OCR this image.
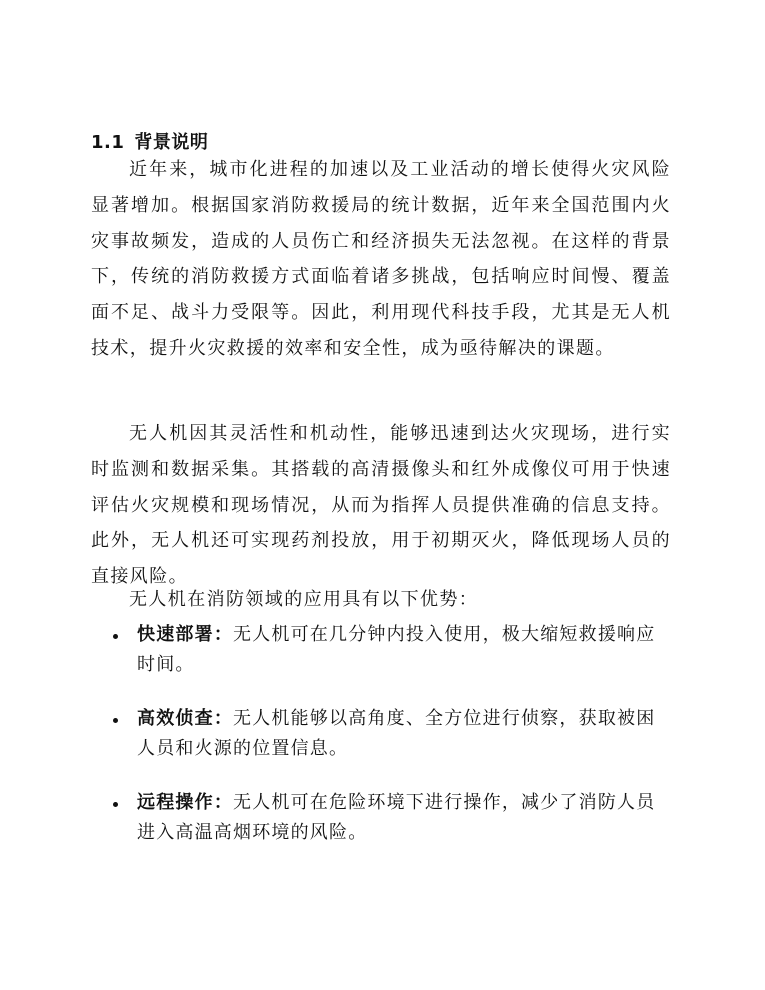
1.1 背景说明

近年来，城市化进程的加速以及工业活动的增长使得火灾风险显著增加。根据国家消防救援局的统计数据，近年来全国范围内火灾事故频发，造成的人员伤亡和经济损失无法忽视。在这样的背景下，传统的消防救援方式面临着诸多挑战，包括响应时间慢、覆盖面不足、战斗力受限等。因此，利用现代科技手段，尤其是无人机技术，提升火灾救援的效率和安全性，成为亟待解决的课题。

无人机因其灵活性和机动性，能够迅速到达火灾现场，进行实时监测和数据采集。其搭载的高清摄像头和红外成像仪可用于快速评估火灾规模和现场情况，从而为指挥人员提供准确的信息支持。此外，无人机还可实现药剂投放，用于初期灭火，降低现场人员的直接风险。

无人机在消防领域的应用具有以下优势：

快速部署：无人机可在几分钟内投入使用，极大缩短救援响应时间。

高效侦查：无人机能够以高角度、全方位进行侦察，获取被困人员和火源的位置信息。

远程操作：无人机可在危险环境下进行操作，减少了消防人员进入高温高烟环境的风险。
